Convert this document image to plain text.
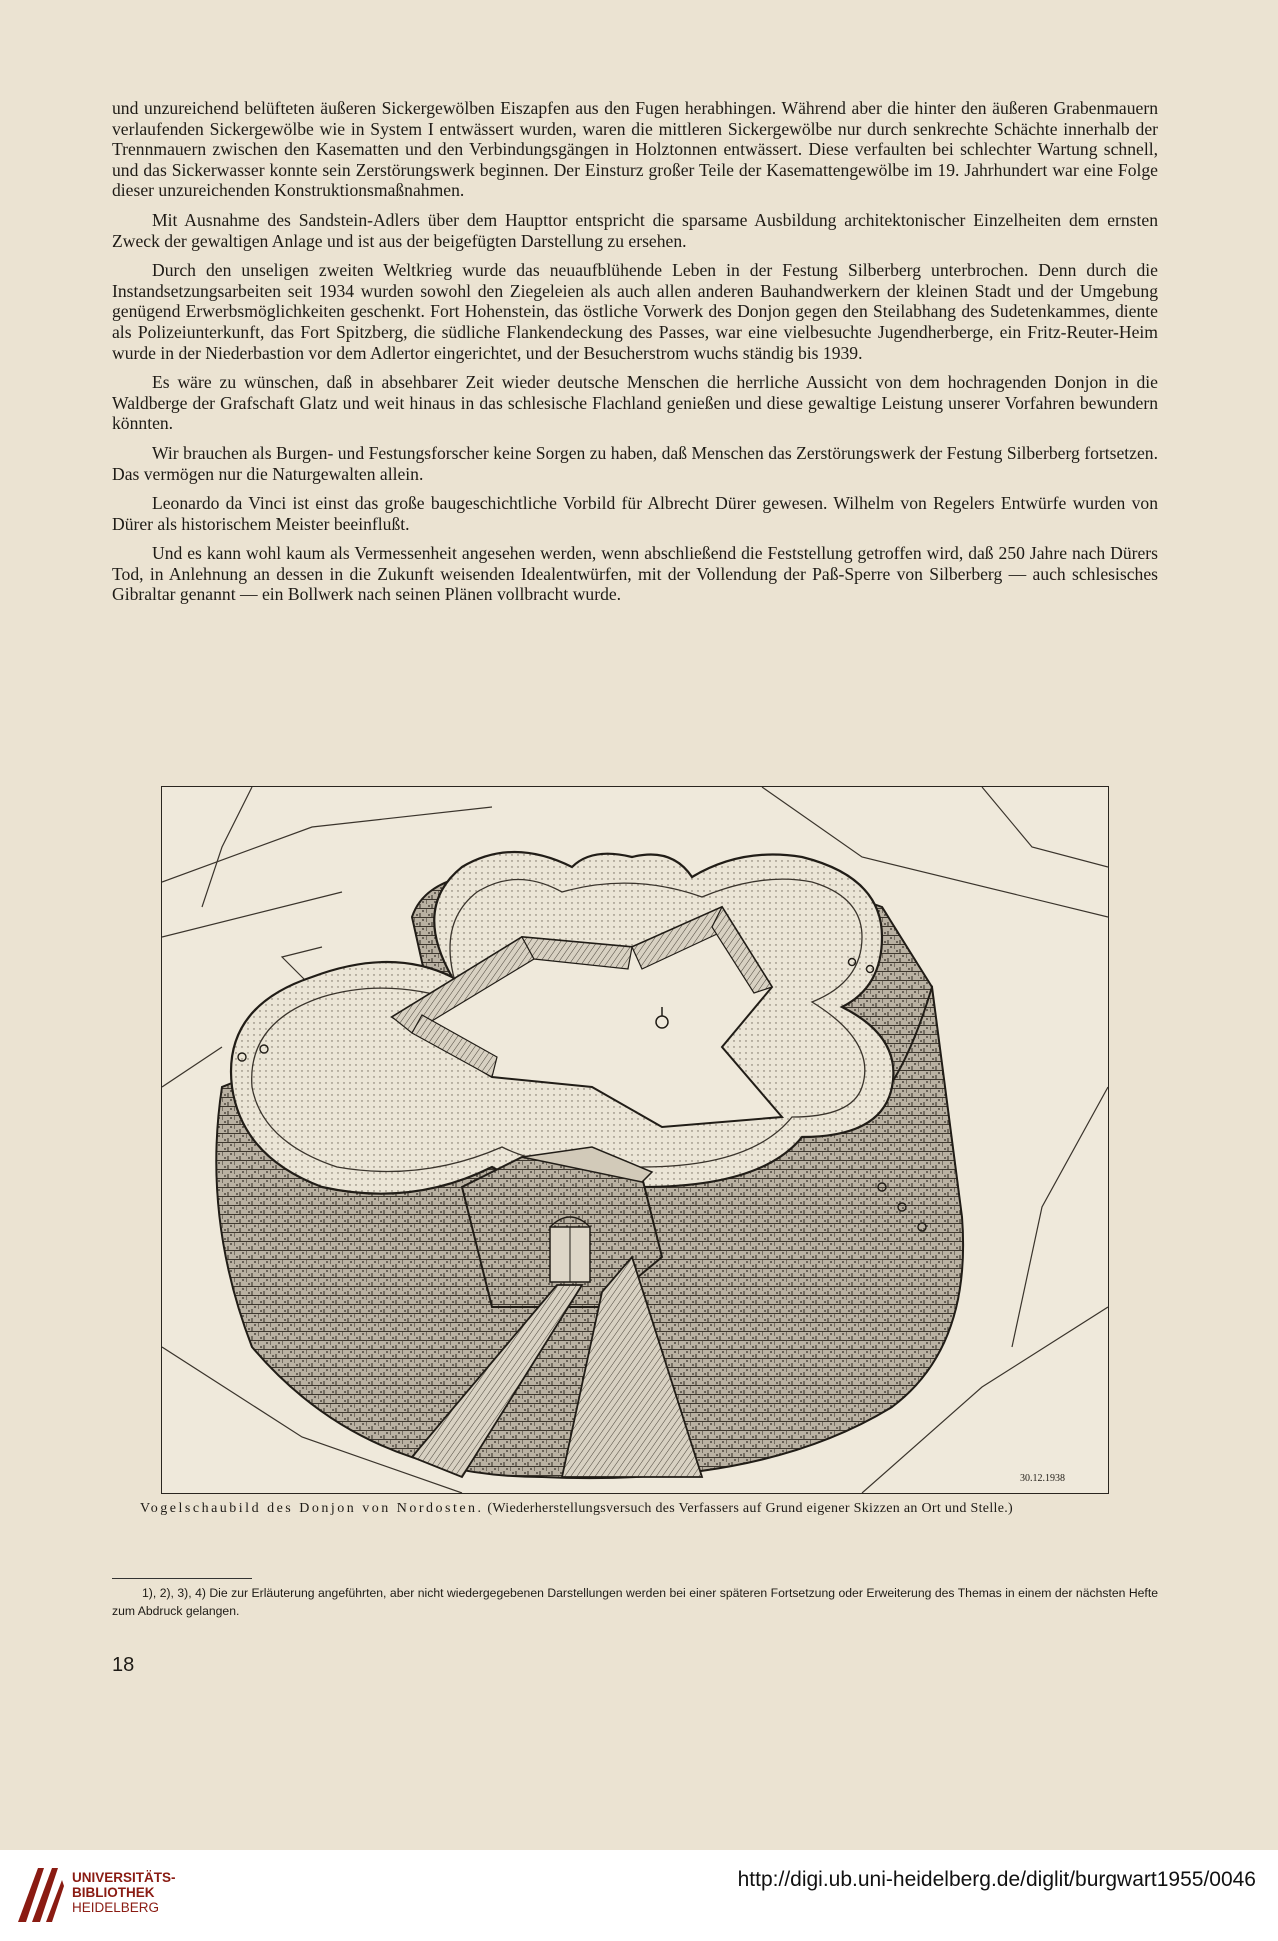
und unzureichend belüfteten äußeren Sickergewölben Eiszapfen aus den Fugen herabhingen. Während aber die hinter den äußeren Grabenmauern verlaufenden Sickergewölbe wie in System I entwässert wurden, waren die mittleren Sickergewölbe nur durch senkrechte Schächte innerhalb der Trennmauern zwischen den Kasematten und den Verbindungsgängen in Holztonnen entwässert. Diese verfaulten bei schlechter Wartung schnell, und das Sickerwasser konnte sein Zerstörungswerk beginnen. Der Einsturz großer Teile der Kasemattengewölbe im 19. Jahrhundert war eine Folge dieser unzureichenden Konstruktionsmaßnahmen.

Mit Ausnahme des Sandstein-Adlers über dem Haupttor entspricht die sparsame Ausbildung architektonischer Einzelheiten dem ernsten Zweck der gewaltigen Anlage und ist aus der beigefügten Darstellung zu ersehen.

Durch den unseligen zweiten Weltkrieg wurde das neuaufblühende Leben in der Festung Silberberg unterbrochen. Denn durch die Instandsetzungsarbeiten seit 1934 wurden sowohl den Ziegeleien als auch allen anderen Bauhandwerkern der kleinen Stadt und der Umgebung genügend Erwerbsmöglichkeiten geschenkt. Fort Hohenstein, das östliche Vorwerk des Donjon gegen den Steilabhang des Sudetenkammes, diente als Polizeiunterkunft, das Fort Spitzberg, die südliche Flankendeckung des Passes, war eine vielbesuchte Jugendherberge, ein Fritz-Reuter-Heim wurde in der Niederbastion vor dem Adlertor eingerichtet, und der Besucherstrom wuchs ständig bis 1939.

Es wäre zu wünschen, daß in absehbarer Zeit wieder deutsche Menschen die herrliche Aussicht von dem hochragenden Donjon in die Waldberge der Grafschaft Glatz und weit hinaus in das schlesische Flachland genießen und diese gewaltige Leistung unserer Vorfahren bewundern könnten.

Wir brauchen als Burgen- und Festungsforscher keine Sorgen zu haben, daß Menschen das Zerstörungswerk der Festung Silberberg fortsetzen. Das vermögen nur die Naturgewalten allein.

Leonardo da Vinci ist einst das große baugeschichtliche Vorbild für Albrecht Dürer gewesen. Wilhelm von Regelers Entwürfe wurden von Dürer als historischem Meister beeinflußt.

Und es kann wohl kaum als Vermessenheit angesehen werden, wenn abschließend die Feststellung getroffen wird, daß 250 Jahre nach Dürers Tod, in Anlehnung an dessen in die Zukunft weisenden Idealentwürfen, mit der Vollendung der Paß-Sperre von Silberberg — auch schlesisches Gibraltar genannt — ein Bollwerk nach seinen Plänen vollbracht wurde.

30.12.1938
Vogelschaubild des Donjon von Nordosten. (Wiederherstellungsversuch des Verfassers auf Grund eigener Skizzen an Ort und Stelle.)
1), 2), 3), 4) Die zur Erläuterung angeführten, aber nicht wiedergegebenen Darstellungen werden bei einer späteren Fortsetzung oder Erweiterung des Themas in einem der nächsten Hefte zum Abdruck gelangen.
18
UNIVERSITÄTS-
BIBLIOTHEK
HEIDELBERG
http://digi.ub.uni-heidelberg.de/diglit/burgwart1955/0046
